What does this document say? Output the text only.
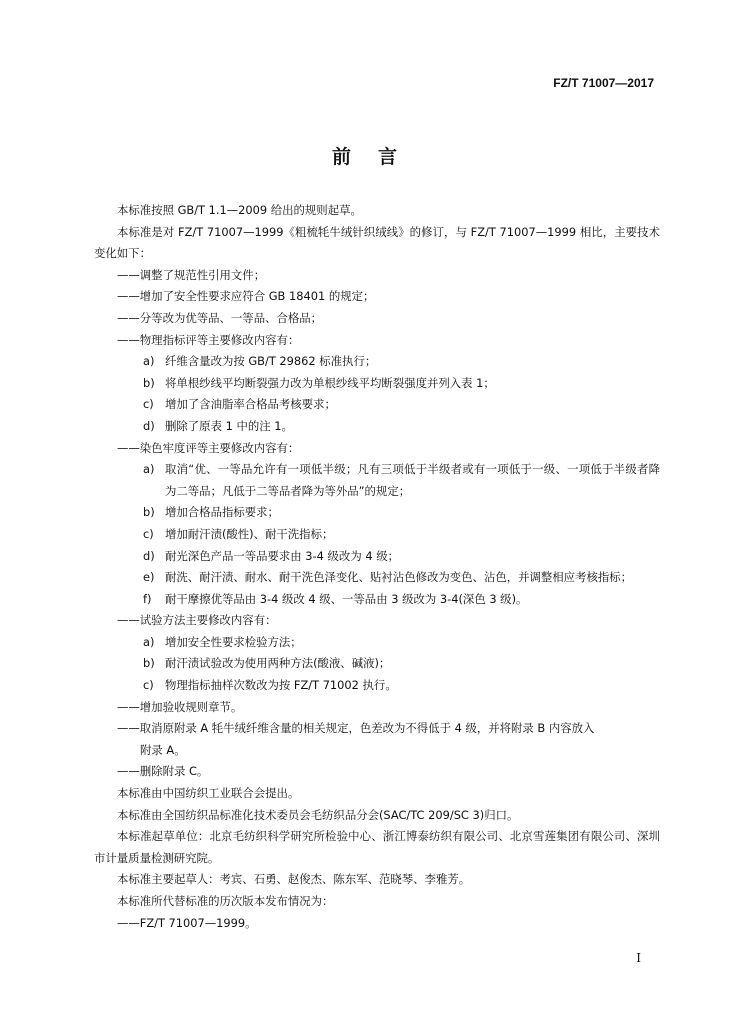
FZ/T 71007—2017
前言

本标准按照 GB/T 1.1—2009 给出的规则起草。

本标准是对 FZ/T 71007—1999《粗梳牦牛绒针织绒线》的修订，与 FZ/T 71007—1999 相比，主要技术变化如下：

——调整了规范性引用文件；

——增加了安全性要求应符合 GB 18401 的规定；

——分等改为优等品、一等品、合格品；

——物理指标评等主要修改内容有：

a) 纤维含量改为按 GB/T 29862 标准执行；
b) 将单根纱线平均断裂强力改为单根纱线平均断裂强度并列入表 1；
c) 增加了含油脂率合格品考核要求；
d) 删除了原表 1 中的注 1。

——染色牢度评等主要修改内容有：

a) 取消“优、一等品允许有一项低半级；凡有三项低于半级者或有一项低于一级、一项低于半级者降为二等品；凡低于二等品者降为等外品”的规定；
b) 增加合格品指标要求；
c) 增加耐汗渍(酸性)、耐干洗指标；
d) 耐光深色产品一等品要求由 3-4 级改为 4 级；
e) 耐洗、耐汗渍、耐水、耐干洗色泽变化、贴衬沾色修改为变色、沾色，并调整相应考核指标；
f)	耐干摩擦优等品由 3-4 级改 4 级、一等品由 3 级改为 3-4(深色 3 级)。

——试验方法主要修改内容有：

a) 增加安全性要求检验方法；
b) 耐汗渍试验改为使用两种方法(酸液、碱液)；
c) 物理指标抽样次数改为按 FZ/T 71002 执行。

——增加验收规则章节。

——取消原附录 A 牦牛绒纤维含量的相关规定，色差改为不得低于 4 级，并将附录 B 内容放入

附录 A。

——删除附录 C。

本标准由中国纺织工业联合会提出。

本标准由全国纺织品标准化技术委员会毛纺织品分会(SAC/TC 209/SC 3)归口。

本标准起草单位：北京毛纺织科学研究所检验中心、浙江博泰纺织有限公司、北京雪莲集团有限公司、深圳市计量质量检测研究院。

本标准主要起草人：考宾、石勇、赵俊杰、陈东军、范晓琴、李雅芳。

本标准所代替标准的历次版本发布情况为：

——FZ/T 71007—1999。

I
